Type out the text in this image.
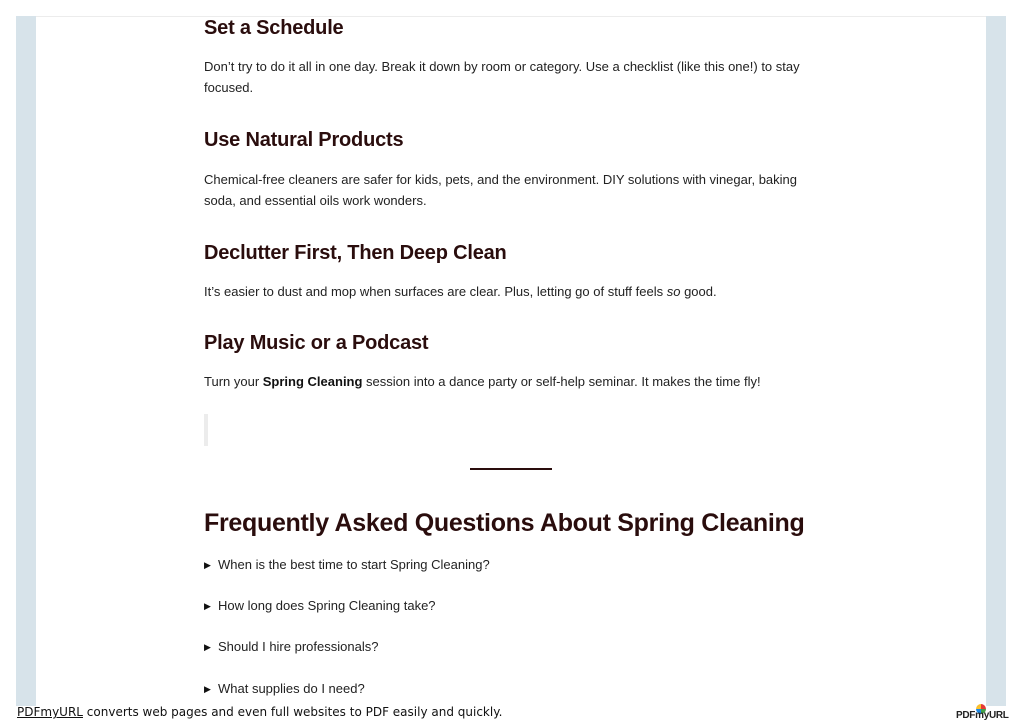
Set a Schedule

Don’t try to do it all in one day. Break it down by room or category. Use a checklist (like this one!) to stay focused.

Use Natural Products

Chemical-free cleaners are safer for kids, pets, and the environment. DIY solutions with vinegar, baking soda, and essential oils work wonders.

Declutter First, Then Deep Clean

It’s easier to dust and mop when surfaces are clear. Plus, letting go of stuff feels so good.

Play Music or a Podcast

Turn your Spring Cleaning session into a dance party or self-help seminar. It makes the time fly!

Frequently Asked Questions About Spring Cleaning
▶ When is the best time to start Spring Cleaning?
▶ How long does Spring Cleaning take?
▶ Should I hire professionals?
▶ What supplies do I need?
PDFmyURL converts web pages and even full websites to PDF easily and quickly.	PDFmyURL
